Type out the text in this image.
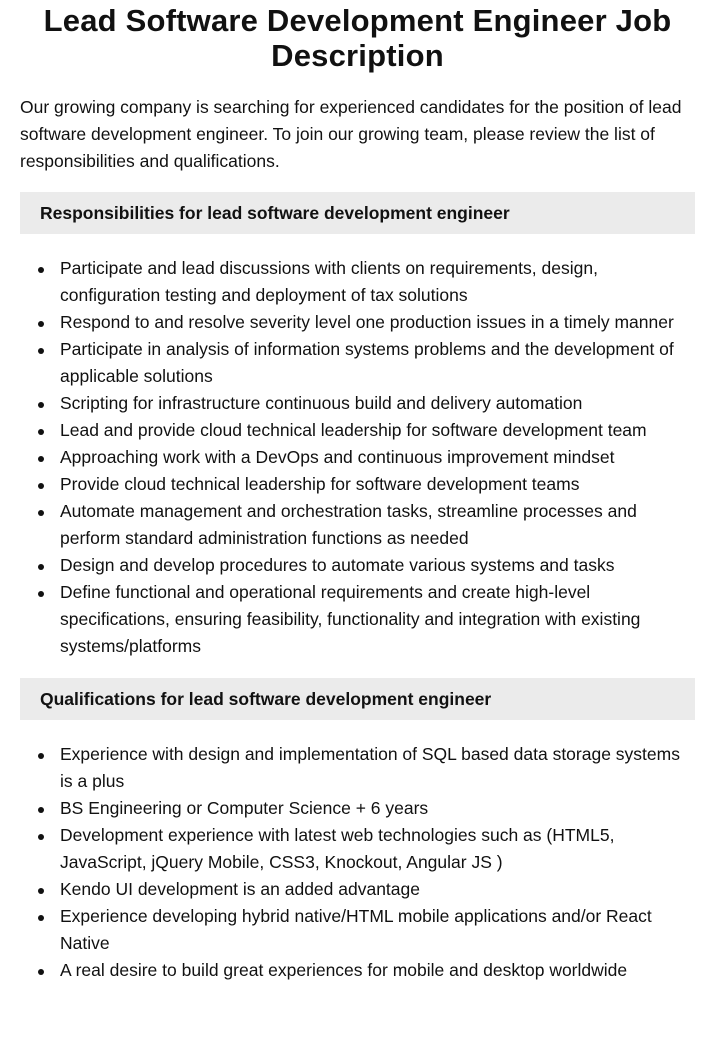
Lead Software Development Engineer Job Description

Our growing company is searching for experienced candidates for the position of lead software development engineer. To join our growing team, please review the list of responsibilities and qualifications.

Responsibilities for lead software development engineer
Participate and lead discussions with clients on requirements, design, configuration testing and deployment of tax solutions
Respond to and resolve severity level one production issues in a timely manner
Participate in analysis of information systems problems and the development of applicable solutions
Scripting for infrastructure continuous build and delivery automation
Lead and provide cloud technical leadership for software development team
Approaching work with a DevOps and continuous improvement mindset
Provide cloud technical leadership for software development teams
Automate management and orchestration tasks, streamline processes and perform standard administration functions as needed
Design and develop procedures to automate various systems and tasks
Define functional and operational requirements and create high-level specifications, ensuring feasibility, functionality and integration with existing systems/platforms
Qualifications for lead software development engineer
Experience with design and implementation of SQL based data storage systems is a plus
BS Engineering or Computer Science + 6 years
Development experience with latest web technologies such as (HTML5, JavaScript, jQuery Mobile, CSS3, Knockout, Angular JS )
Kendo UI development is an added advantage
Experience developing hybrid native/HTML mobile applications and/or React Native
A real desire to build great experiences for mobile and desktop worldwide
